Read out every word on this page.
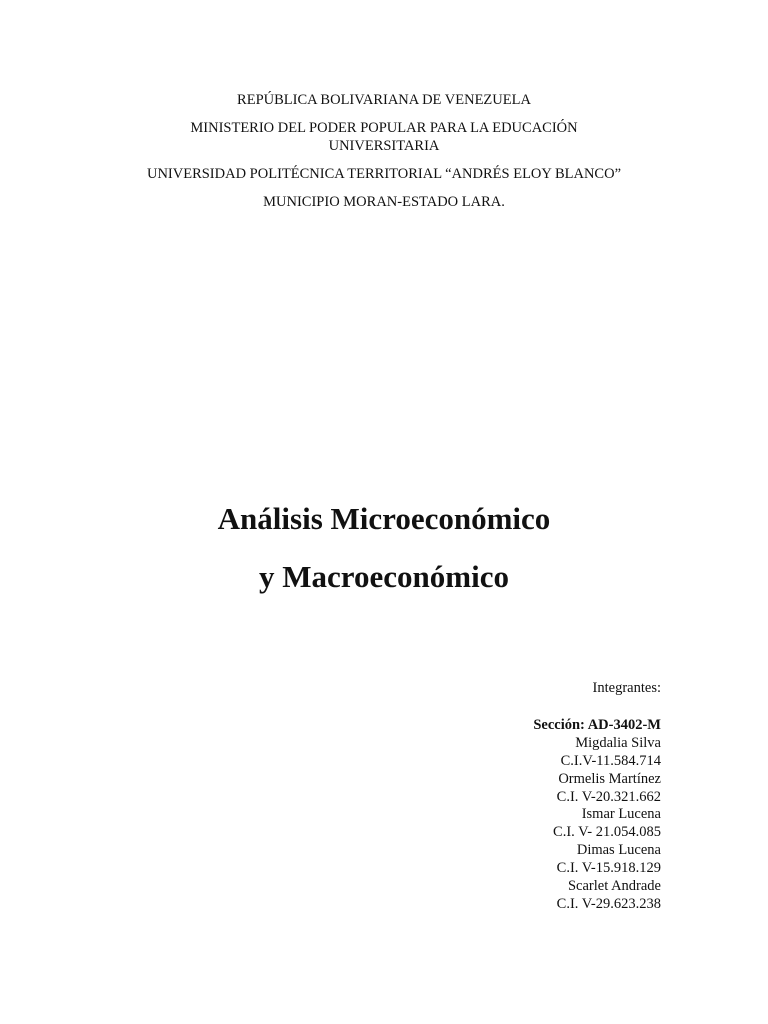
REPÚBLICA BOLIVARIANA DE VENEZUELA
MINISTERIO DEL PODER POPULAR PARA LA EDUCACIÓN UNIVERSITARIA
UNIVERSIDAD POLITÉCNICA TERRITORIAL “ANDRÉS ELOY BLANCO”
MUNICIPIO MORAN-ESTADO LARA.
Análisis Microeconómico
y Macroeconómico
Integrantes:
Sección: AD-3402-M
Migdalia Silva
C.I.V-11.584.714
Ormelis Martínez
C.I. V-20.321.662
Ismar Lucena
C.I. V- 21.054.085
Dimas Lucena
C.I. V-15.918.129
Scarlet Andrade
C.I. V-29.623.238
